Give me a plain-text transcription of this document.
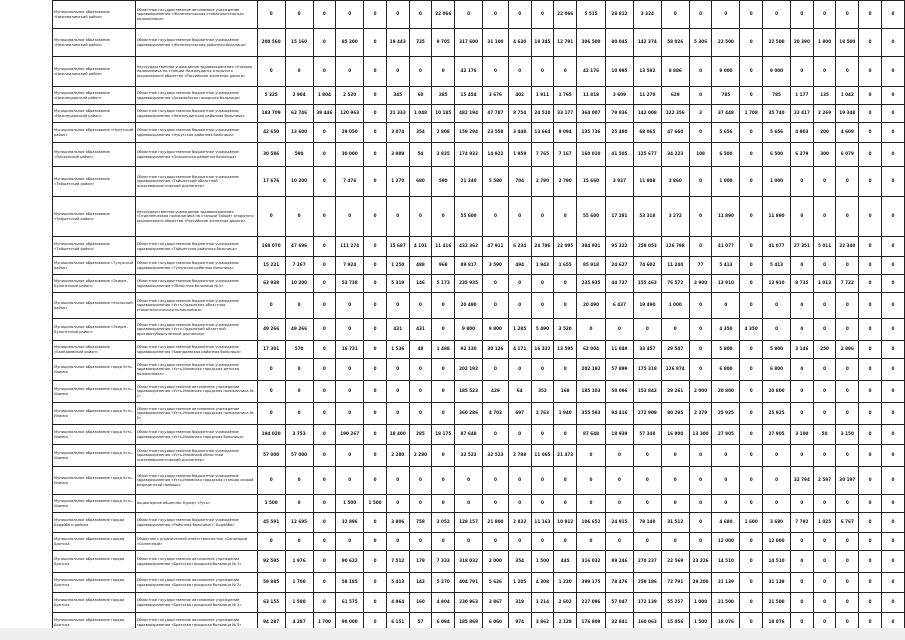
Муниципальное образование «Нижнеилимский район»	Областное государственное автономное учреждение здравоохранения «Железногорская стоматологическая поликлиника»	0	0	0	0	0	0	0	22 066	0	0	0	0	22 066	5 515	28 812	3 324	0	0	0	0	0	0	0	0	0	0
Муниципальное образование «Нижнеилимский район»	Областное государственное бюджетное учреждение здравоохранения «Железногорская районная больница»	200 560	15 160	0	85 200	0	19 443	735	9 705	317 600	31 100	4 630	18 345	12 791	306 500	80 045	142 374	58 026	5 306	22 500	0	22 500	20 390	1 800	18 500	0	0
Муниципальное образование «Нижнеилимский район»	Негосударственное учреждение здравоохранения «Узловая поликлиника на станции Нижнеудинск открытого акционерного общества «Российские железные дороги»	0	0	0	0	0	0	0	0	42 176	0	0	0	0	42 176	10 995	13 592	8 886	0	9 000	0	9 000	0	0	0	0	0
Муниципальное образование «Нижнеудинский район»	Областное государственное бюджетное учреждение здравоохранения «Алзамайская городская больница»	5 325	2 904	1 804	2 520	0	345	60	285	15 454	3 676	402	1 911	1 765	11 818	3 609	11 270	629	0	785	0	785	1 177	135	1 042	0	0
Муниципальное образование «Нижнеудинский район»	Областное государственное бюджетное учреждение здравоохранения «Нижнеудинская районная больница»	183 709	62 746	39 446	120 963	0	21 333	1 048	10 185	482 194	47 787	8 754	24 510	33 177	364 007	79 836	142 008	122 356	3	37 448	1 708	35 740	23 417	2 269	19 348	0	0
Муниципальное образование «Нукутский район»	Областное государственное бюджетное учреждение здравоохранения «Нукутская районная больница»	42 650	13 600	0	29 050	0	3 074	354	2 808	159 294	23 558	3 448	13 664	9 094	135 736	25 480	68 065	47 660	0	5 656	0	5 656	4 903	200	4 609	0	0
Муниципальное образование «Ольхонский район»	Областное государственное бюджетное учреждение здравоохранения «Ольхонская районная больница»	30 586	590	0	30 000	0	3 989	54	3 835	174 932	14 922	1 959	7 765	7 167	160 010	41 505	125 677	34 223	108	6 500	0	6 500	6 379	300	6 079	0	0
Муниципальное образование «Тайшетский район»	Областное государственное бюджетное учреждение здравоохранения «Тайшетский областной психоневрологический диспансер»	17 676	10 200	0	7 476	0	1 270	680	590	21 240	5 580	704	2 790	2 790	15 660	3 937	11 808	3 860	0	1 000	0	1 000	0	0	0	0	0
Муниципальное образование «Тайшетский район»	Негосударственное учреждение здравоохранения «Отделенческая поликлиника на станции Тайшет открытого акционерного общества «Российские железные дороги»	0	0	0	0	0	0	0	0	55 600	0	0	0	0	55 600	17 281	53 318	3 272	0	11 890	0	11 890	0	0	0	0	0
Муниципальное образование «Тайшетский район»	Областное государственное бюджетное учреждение здравоохранения «Тайшетская районная больница»	168 070	47 696	0	111 274	0	15 687	4 101	11 416	432 362	47 911	6 234	24 796	22 095	384 931	95 322	258 053	126 798	0	41 077	0	41 077	27 351	5 011	22 340	0	0
Муниципальное образование «Тулунский район»	Областное государственное бюджетное учреждение здравоохранения «Тулунская районная больница»	15 221	7 267	0	7 924	0	1 250	488	968	89 817	3 590	494	1 943	1 655	85 918	24 627	74 602	11 240	77	5 413	0	5 413	0	0	0	0	0
Муниципальное образование «Эхирит-Булагатский район»	Областное государственное бюджетное учреждение здравоохранения «Областная больница № 2»	63 938	10 200	0	53 738	0	5 319	146	5 173	235 935	0	0	0	0	235 935	44 737	155 463	76 572	3 900	13 910	0	13 910	8 735	1 013	7 722	0	0
Муниципальное образование «Усольский район»	Областное государственное бюджетное учреждение здравоохранения «Усть-Ордынская областная стоматологическая поликлиника»	0	0	0	0	0	0	0	0	20 490	0	0	0	0	20 490	6 437	19 490	1 000	0	0	0	0	0	0	0	0	0
Муниципальное образование «Эхирит-Булагатский район»	Областное государственное бюджетное учреждение здравоохранения «Усть-Ордынский областной противотуберкулёзный диспансер»	49 266	49 266	0	0	0	431	431	0	9 800	9 800	1 285	5 490	3 520	0	0	0	0	0	4 350	4 350	0	0	0	0	0	0
Муниципальное образование «Баяндаевский район»	Областное государственное бюджетное учреждение здравоохранения «Баяндаевская районная больница»	17 301	570	0	16 731	0	1 536	48	1 488	92 130	30 126	4 171	16 332	13 595	62 004	11 049	33 457	29 547	0	5 800	0	5 800	3 146	250	2 896	0	0
Муниципальное образование город Усть-Илимск	Областное государственное бюджетное учреждение здравоохранения «Усть-Илимская городская детская поликлиника»	0	0	0	0	0	0	0	0	202 192	0	0	0	0	202 192	57 899	175 318	126 874	0	6 800	0	6 800	0	0	0	0	0
Муниципальное образование город Усть-Илимск	Областное государственное автономное учреждение здравоохранения «Усть-Илимская городская поликлиника № 1»	0	0	0	0	0	0	0	0	185 523	429	64	352	168	185 103	50 096	153 842	29 261	2 000	20 800	0	20 800	0	0	0	0	0
Муниципальное образование город Усть-Илимск	Областное государственное автономное учреждение здравоохранения «Усть-Илимская городская поликлиника № 2»	0	0	0	0	0	0	0	0	360 286	4 703	697	2 763	1 940	355 583	94 416	272 909	80 295	2 379	25 925	0	25 925	0	0	0	0	0
Муниципальное образование город Усть-Илимск	Областное государственное бюджетное учреждение здравоохранения «Усть-Илимская городская больница»	194 020	3 753	0	190 267	0	18 400	285	18 175	87 648	0	0	0	0	87 648	18 939	57 348	16 900	13 300	27 905	0	27 905	3 100	50	3 150	0	0
Муниципальное образование город Усть-Илимск	Областное государственное бюджетное учреждение здравоохранения «Усть-Илимский областной психоневрологический диспансер»	57 000	57 000	0	0	0	2 280	2 280	0	32 523	32 523	2 788	11 065	21 473	0	0	0	0	0	0	0	0	0	0	0	0	0
Муниципальное образование город Усть-Илимск	Областное государственное бюджетное учреждение здравоохранения «Усть-Илимская городская станция скорой медицинской помощи»	0	0	0	0	0	0	0	0	0	0	0	0	0	0	0	0	0	0	0	0	0	32 794	2 597	30 197	0	0
Муниципальное образование город Усть-Илимск	Акционерное общество Курорт «Русь»	1 500	0	0	1 500	1 500	0	0	0	0	0	0	0	0	0	0	0	0	0	0	0	0	0	0	0	0	0
Муниципальное образование города Бодайбо и района	Областное государственное бюджетное учреждение здравоохранения «Районная больница г. Бодайбо»	45 591	12 695	0	32 896	0	3 806	758	3 052	128 157	21 800	2 832	11 163	10 912	106 652	24 915	78 140	31 512	0	4 680	1 600	3 680	7 792	1 025	6 767	0	0
Муниципальное образование города Братска	Общество с ограниченной ответственностью «Санаторий «Солнечный»	0	0	0	0	0	0	0	0	0	0	0	0	0	0	0	0	0	0	12 000	0	12 000	0	0	0	0	0
Муниципальное образование города Братска	Областное государственное автономное учреждение здравоохранения «Братская городская больница № 1»	92 595	1 976	0	90 622	0	7 512	179	7 333	318 032	2 000	354	1 500	445	316 032	89 246	270 237	22 569	23 226	14 510	0	14 510	0	0	0	0	0
Муниципальное образование города Братска	Областное государственное автономное учреждение здравоохранения «Братская городская больница № 2»	59 885	1 700	0	58 185	0	5 413	142	5 270	404 791	5 626	1 205	4 308	1 230	399 175	78 476	259 186	72 791	29 200	31 139	0	31 139	0	0	0	0	0
Муниципальное образование города Братска	Областное государственное автономное учреждение здравоохранения «Братская городская больница № 3»	63 155	1 580	0	61 575	0	4 964	160	4 804	230 963	3 867	319	1 214	2 602	227 096	57 047	172 139	55 257	1 000	21 500	0	21 500	0	0	0	0	0
Муниципальное образование города Братска	Областное государственное автономное учреждение здравоохранения «Братская городская больница № 5»	94 287	4 287	1 700	90 000	0	6 151	57	6 094	185 869	6 060	974	3 862	2 129	176 809	32 841	160 063	15 056	1 500	18 076	0	18 076	0	0	0	0	0
